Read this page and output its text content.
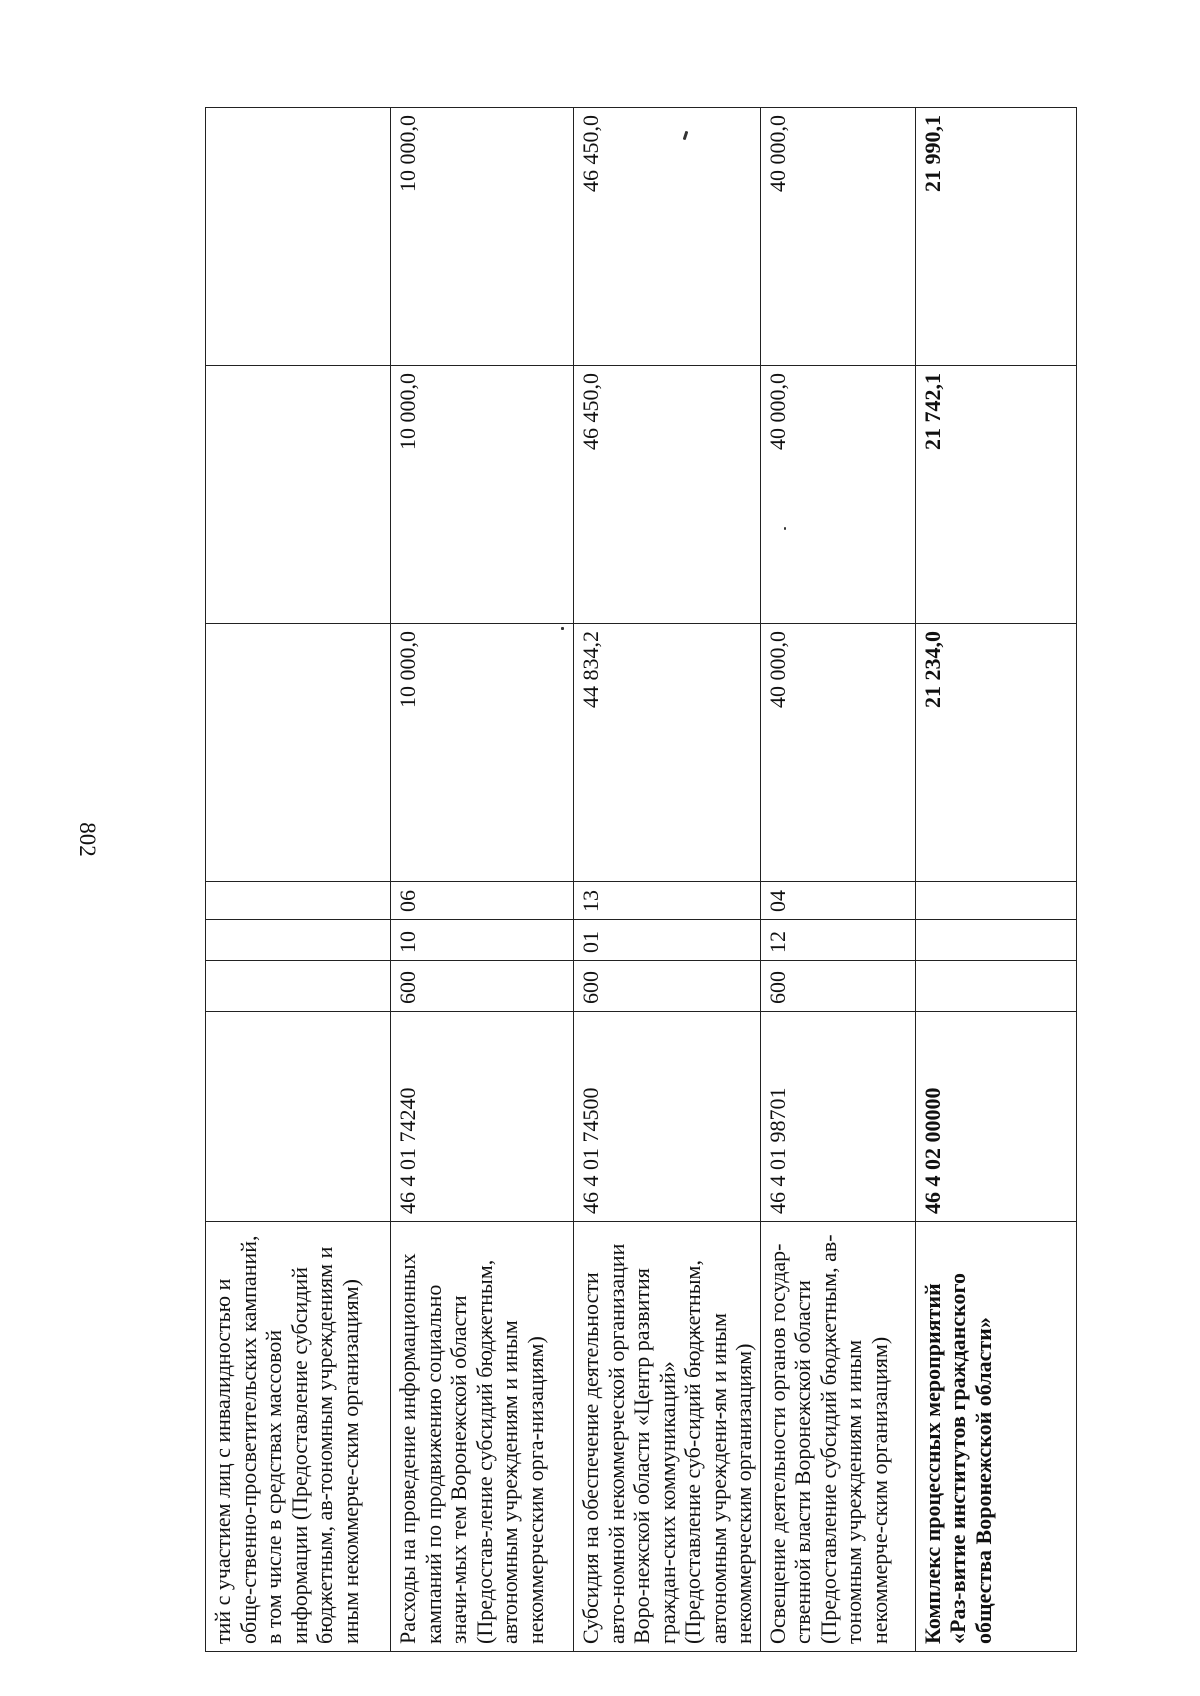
802
тий с участием лиц с инвалидностью и обще-ственно-просветительских кампаний, в том числе в средствах массовой информации (Предоставление субсидий бюджетным, ав-тономным учреждениям и иным некоммерче-ским организациям)							
Расходы на проведение информационных кампаний по продвижению социально значи-мых тем Воронежской области (Предостав-ление субсидий бюджетным, автономным учреждениям и иным некоммерческим орга-низациям)	46 4 01 74240	600	10	06	10 000,0	10 000,0	10 000,0
Субсидия на обеспечение деятельности авто-номной некоммерческой организации Воро-нежской области «Центр развития граждан-ских коммуникаций» (Предоставление суб-сидий бюджетным, автономным учреждени-ям и иным некоммерческим организациям)	46 4 01 74500	600	01	13	44 834,2	46 450,0	46 450,0
Освещение деятельности органов государ-ственной власти Воронежской области (Предоставление субсидий бюджетным, ав-тономным учреждениям и иным некоммерче-ским организациям)	46 4 01 98701	600	12	04	40 000,0	40 000,0	40 000,0
Комплекс процессных мероприятий «Раз-витие институтов гражданского общества Воронежской области»	46 4 02 00000				21 234,0	21 742,1	21 990,1
